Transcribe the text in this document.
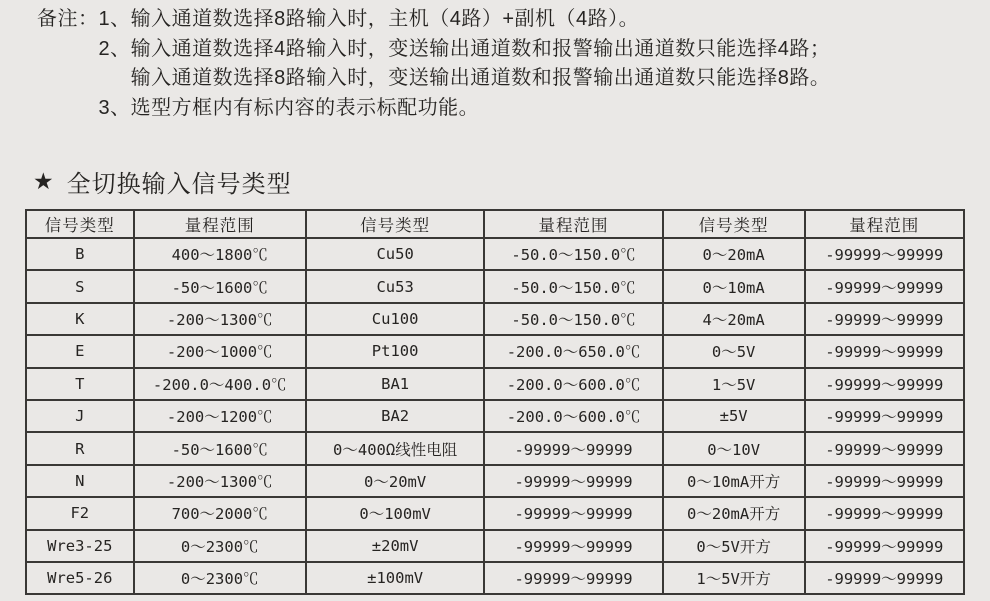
备注： 1、 输入通道数选择8路输入时，主机（4路）+副机（4路）。
2、 输入通道数选择4路输入时，变送输出通道数和报警输出通道数只能选择4路；
输入通道数选择8路输入时，变送输出通道数和报警输出通道数只能选择8路。
3、 选型方框内有标内容的表示标配功能。
★ 全切换输入信号类型
信号类型	量程范围	信号类型	量程范围	信号类型	量程范围
B	400～1800℃	Cu50	-50.0～150.0℃	0～20mA	-99999～99999
S	-50～1600℃	Cu53	-50.0～150.0℃	0～10mA	-99999～99999
K	-200～1300℃	Cu100	-50.0～150.0℃	4～20mA	-99999～99999
E	-200～1000℃	Pt100	-200.0～650.0℃	0～5V	-99999～99999
T	-200.0～400.0℃	BA1	-200.0～600.0℃	1～5V	-99999～99999
J	-200～1200℃	BA2	-200.0～600.0℃	±5V	-99999～99999
R	-50～1600℃	0～400Ω线性电阻	-99999～99999	0～10V	-99999～99999
N	-200～1300℃	0～20mV	-99999～99999	0～10mA开方	-99999～99999
F2	700～2000℃	0～100mV	-99999～99999	0～20mA开方	-99999～99999
Wre3-25	0～2300℃	±20mV	-99999～99999	0～5V开方	-99999～99999
Wre5-26	0～2300℃	±100mV	-99999～99999	1～5V开方	-99999～99999
